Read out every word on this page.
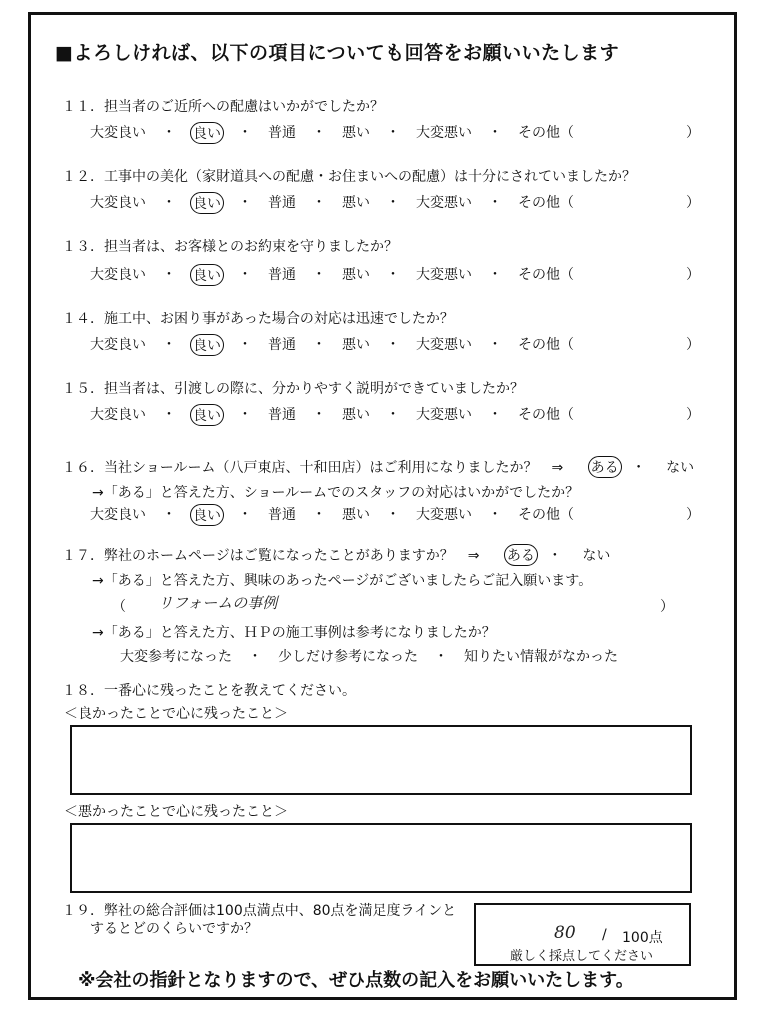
■よろしければ、以下の項目についても回答をお願いいたします
１１．担当者のご近所への配慮はいかがでしたか？
大変良い ・ 良い ・ 普通 ・ 悪い ・ 大変悪い ・ その他（	）
１２．工事中の美化（家財道具への配慮・お住まいへの配慮）は十分にされていましたか？
大変良い ・ 良い ・ 普通 ・ 悪い ・ 大変悪い ・ その他（	）
１３．担当者は、お客様とのお約束を守りましたか？
大変良い ・ 良い ・ 普通 ・ 悪い ・ 大変悪い ・ その他（	）
１４．施工中、お困り事があった場合の対応は迅速でしたか？
大変良い ・ 良い ・ 普通 ・ 悪い ・ 大変悪い ・ その他（	）
１５．担当者は、引渡しの際に、分かりやすく説明ができていましたか？
大変良い ・ 良い ・ 普通 ・ 悪い ・ 大変悪い ・ その他（	）
１６．当社ショールーム（八戸東店、十和田店）はご利用になりましたか？　⇒ ある ・ ない
→「ある」と答えた方、ショールームでのスタッフの対応はいかがでしたか？
大変良い ・ 良い ・ 普通 ・ 悪い ・ 大変悪い ・ その他（	）
１７．弊社のホームページはご覧になったことがありますか？　⇒ ある ・ ない
→「ある」と答えた方、興味のあったページがございましたらご記入願います。
（ リフォームの事例	）
→「ある」と答えた方、ＨＰの施工事例は参考になりましたか？
大変参考になった ・ 少しだけ参考になった ・ 知りたい情報がなかった
１８．一番心に残ったことを教えてください。
＜良かったことで心に残ったこと＞
＜悪かったことで心に残ったこと＞
１９．弊社の総合評価は100点満点中、80点を満足度ラインと
　　するとどのくらいですか？	80 / 100点
厳しく採点してください
※会社の指針となりますので、ぜひ点数の記入をお願いいたします。
